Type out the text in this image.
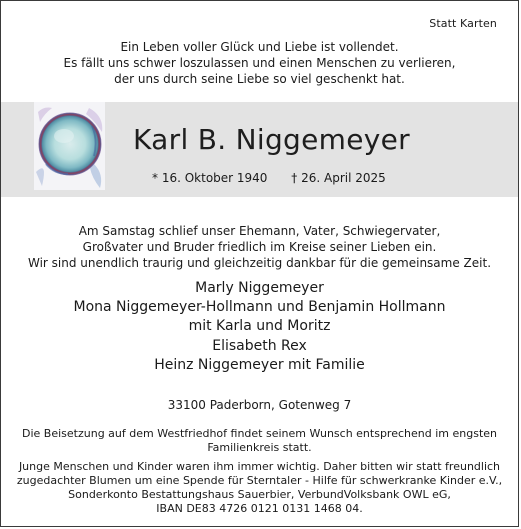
Statt Karten
Ein Leben voller Glück und Liebe ist vollendet.
Es fällt uns schwer loszulassen und einen Menschen zu verlieren,
der uns durch seine Liebe so viel geschenkt hat.
Karl B. Niggemeyer
* 16. Oktober 1940 † 26. April 2025
Am Samstag schlief unser Ehemann, Vater, Schwiegervater,
Großvater und Bruder friedlich im Kreise seiner Lieben ein.
Wir sind unendlich traurig und gleichzeitig dankbar für die gemeinsame Zeit.
Marly Niggemeyer
Mona Niggemeyer-Hollmann und Benjamin Hollmann
mit Karla und Moritz
Elisabeth Rex
Heinz Niggemeyer mit Familie
33100 Paderborn, Gotenweg 7
Die Beisetzung auf dem Westfriedhof findet seinem Wunsch entsprechend im engsten
Familienkreis statt.
Junge Menschen und Kinder waren ihm immer wichtig. Daher bitten wir statt freundlich
zugedachter Blumen um eine Spende für Sterntaler - Hilfe für schwerkranke Kinder e.V.,
Sonderkonto Bestattungshaus Sauerbier, VerbundVolksbank OWL eG,
IBAN DE83 4726 0121 0131 1468 04.
